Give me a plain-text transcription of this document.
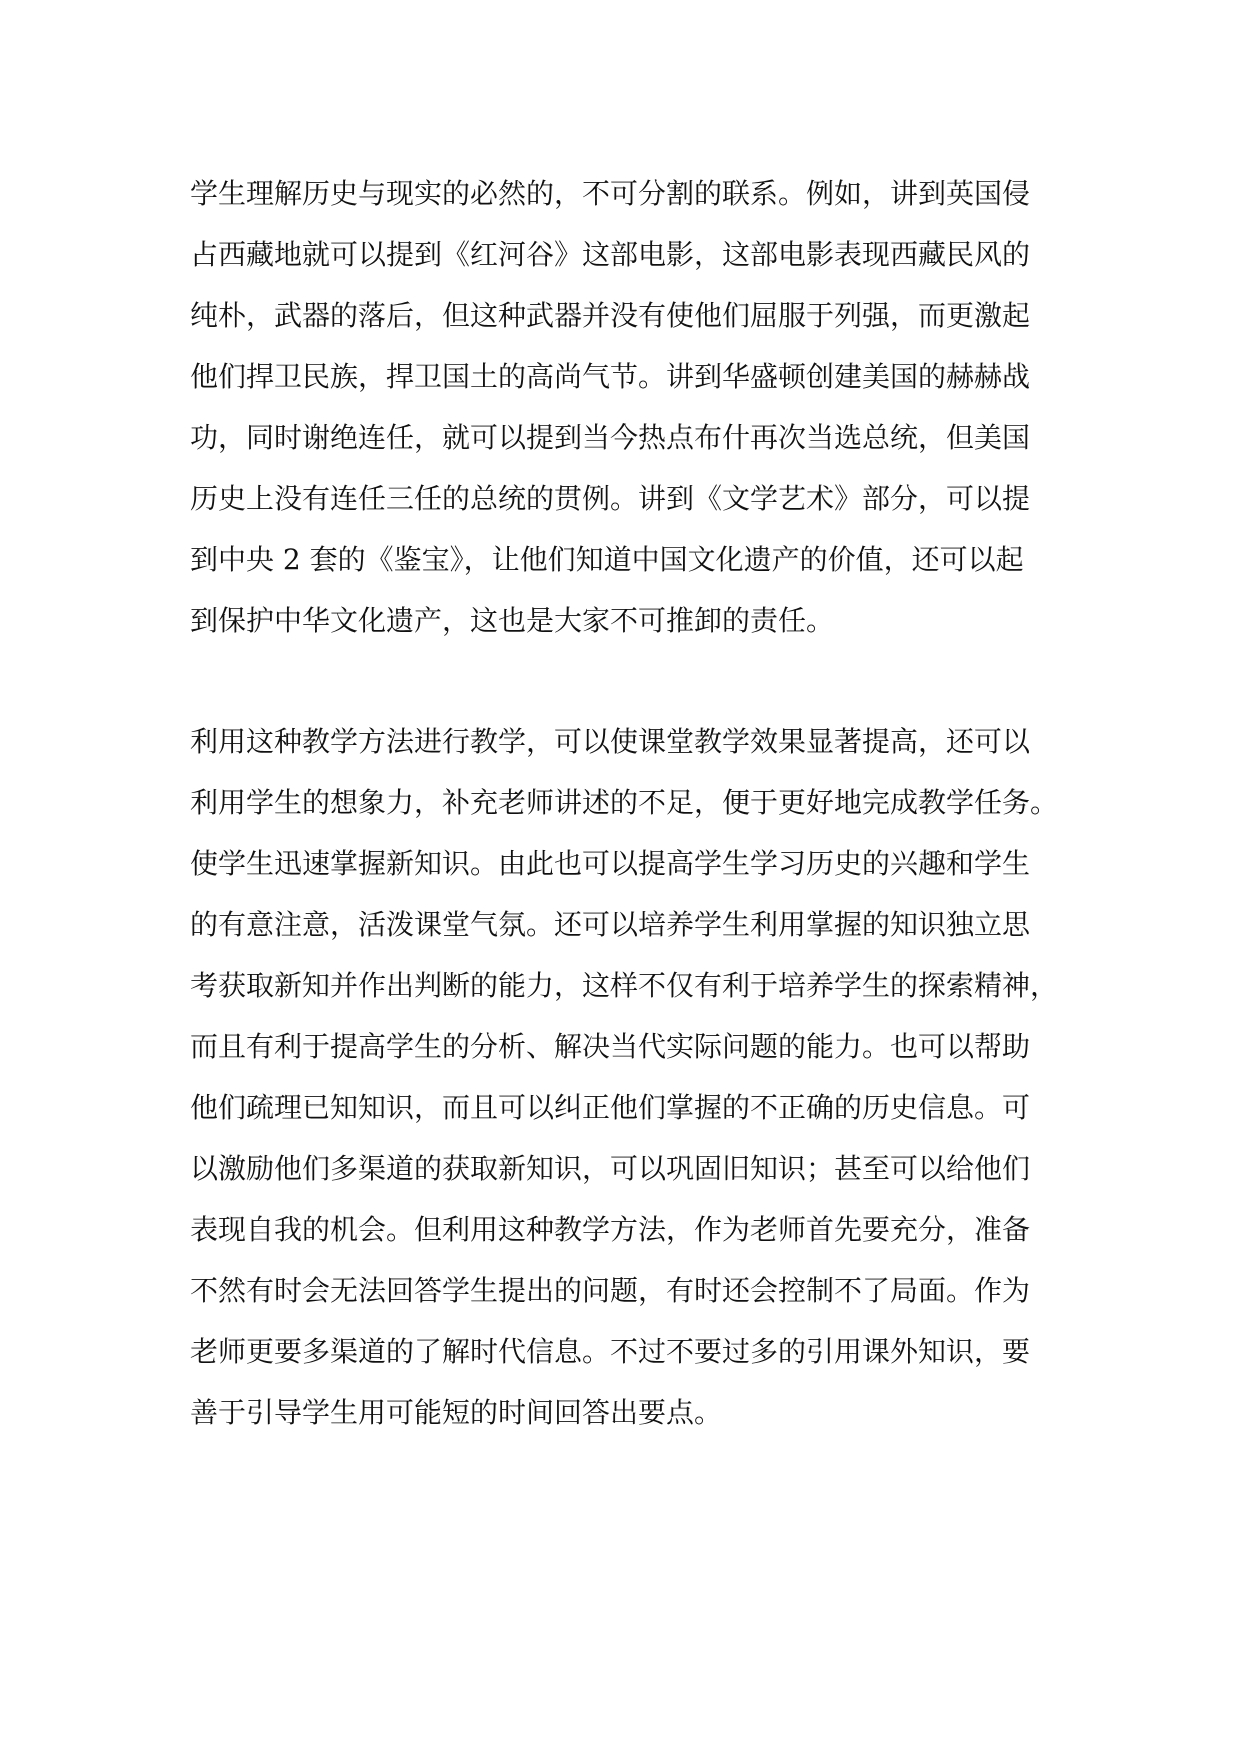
学生理解历史与现实的必然的，不可分割的联系。例如，讲到英国侵
占西藏地就可以提到《红河谷》这部电影，这部电影表现西藏民风的
纯朴，武器的落后，但这种武器并没有使他们屈服于列强，而更激起
他们捍卫民族，捍卫国土的高尚气节。讲到华盛顿创建美国的赫赫战
功，同时谢绝连任，就可以提到当今热点布什再次当选总统，但美国
历史上没有连任三任的总统的贯例。讲到《文学艺术》部分，可以提
到中央 2 套的《鉴宝》，让他们知道中国文化遗产的价值，还可以起
到保护中华文化遗产，这也是大家不可推卸的责任。
利用这种教学方法进行教学，可以使课堂教学效果显著提高，还可以
利用学生的想象力，补充老师讲述的不足，便于更好地完成教学任务。
使学生迅速掌握新知识。由此也可以提高学生学习历史的兴趣和学生
的有意注意，活泼课堂气氛。还可以培养学生利用掌握的知识独立思
考获取新知并作出判断的能力，这样不仅有利于培养学生的探索精神，
而且有利于提高学生的分析、解决当代实际问题的能力。也可以帮助
他们疏理已知知识，而且可以纠正他们掌握的不正确的历史信息。可
以激励他们多渠道的获取新知识，可以巩固旧知识；甚至可以给他们
表现自我的机会。但利用这种教学方法，作为老师首先要充分，准备
不然有时会无法回答学生提出的问题，有时还会控制不了局面。作为
老师更要多渠道的了解时代信息。不过不要过多的引用课外知识，要
善于引导学生用可能短的时间回答出要点。
